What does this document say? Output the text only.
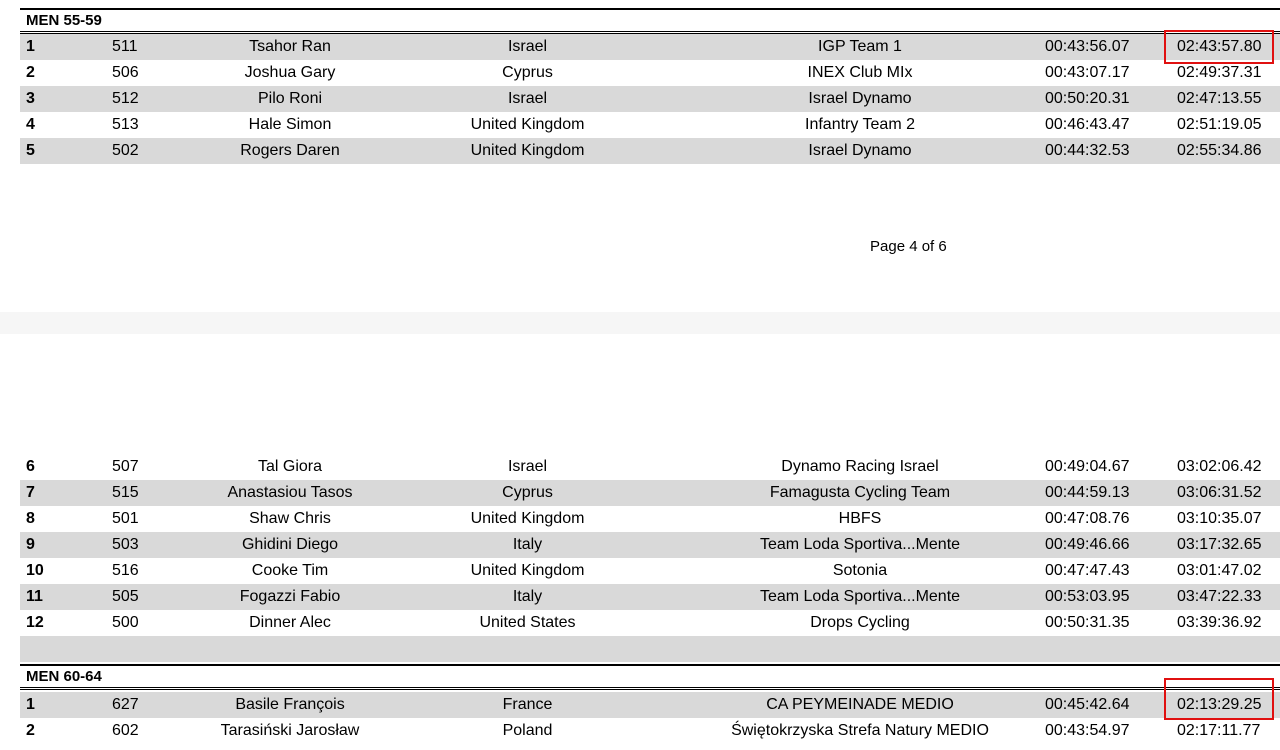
MEN 55-59
1	511	Tsahor Ran	Israel	IGP Team 1	00:43:56.07	02:43:57.80
2	506	Joshua Gary	Cyprus	INEX Club MIx	00:43:07.17	02:49:37.31
3	512	Pilo Roni	Israel	Israel Dynamo	00:50:20.31	02:47:13.55
4	513	Hale Simon	United Kingdom	Infantry Team 2	00:46:43.47	02:51:19.05
5	502	Rogers Daren	United Kingdom	Israel Dynamo	00:44:32.53	02:55:34.86
Page 4 of 6
6	507	Tal Giora	Israel	Dynamo Racing Israel	00:49:04.67	03:02:06.42
7	515	Anastasiou Tasos	Cyprus	Famagusta Cycling Team	00:44:59.13	03:06:31.52
8	501	Shaw Chris	United Kingdom	HBFS	00:47:08.76	03:10:35.07
9	503	Ghidini Diego	Italy	Team Loda Sportiva...Mente	00:49:46.66	03:17:32.65
10	516	Cooke Tim	United Kingdom	Sotonia	00:47:47.43	03:01:47.02
11	505	Fogazzi Fabio	Italy	Team Loda Sportiva...Mente	00:53:03.95	03:47:22.33
12	500	Dinner Alec	United States	Drops Cycling	00:50:31.35	03:39:36.92
MEN 60-64
1	627	Basile François	France	CA PEYMEINADE MEDIO	00:45:42.64	02:13:29.25
2	602	Tarasiński Jarosław	Poland	Świętokrzyska Strefa Natury MEDIO	00:43:54.97	02:17:11.77
